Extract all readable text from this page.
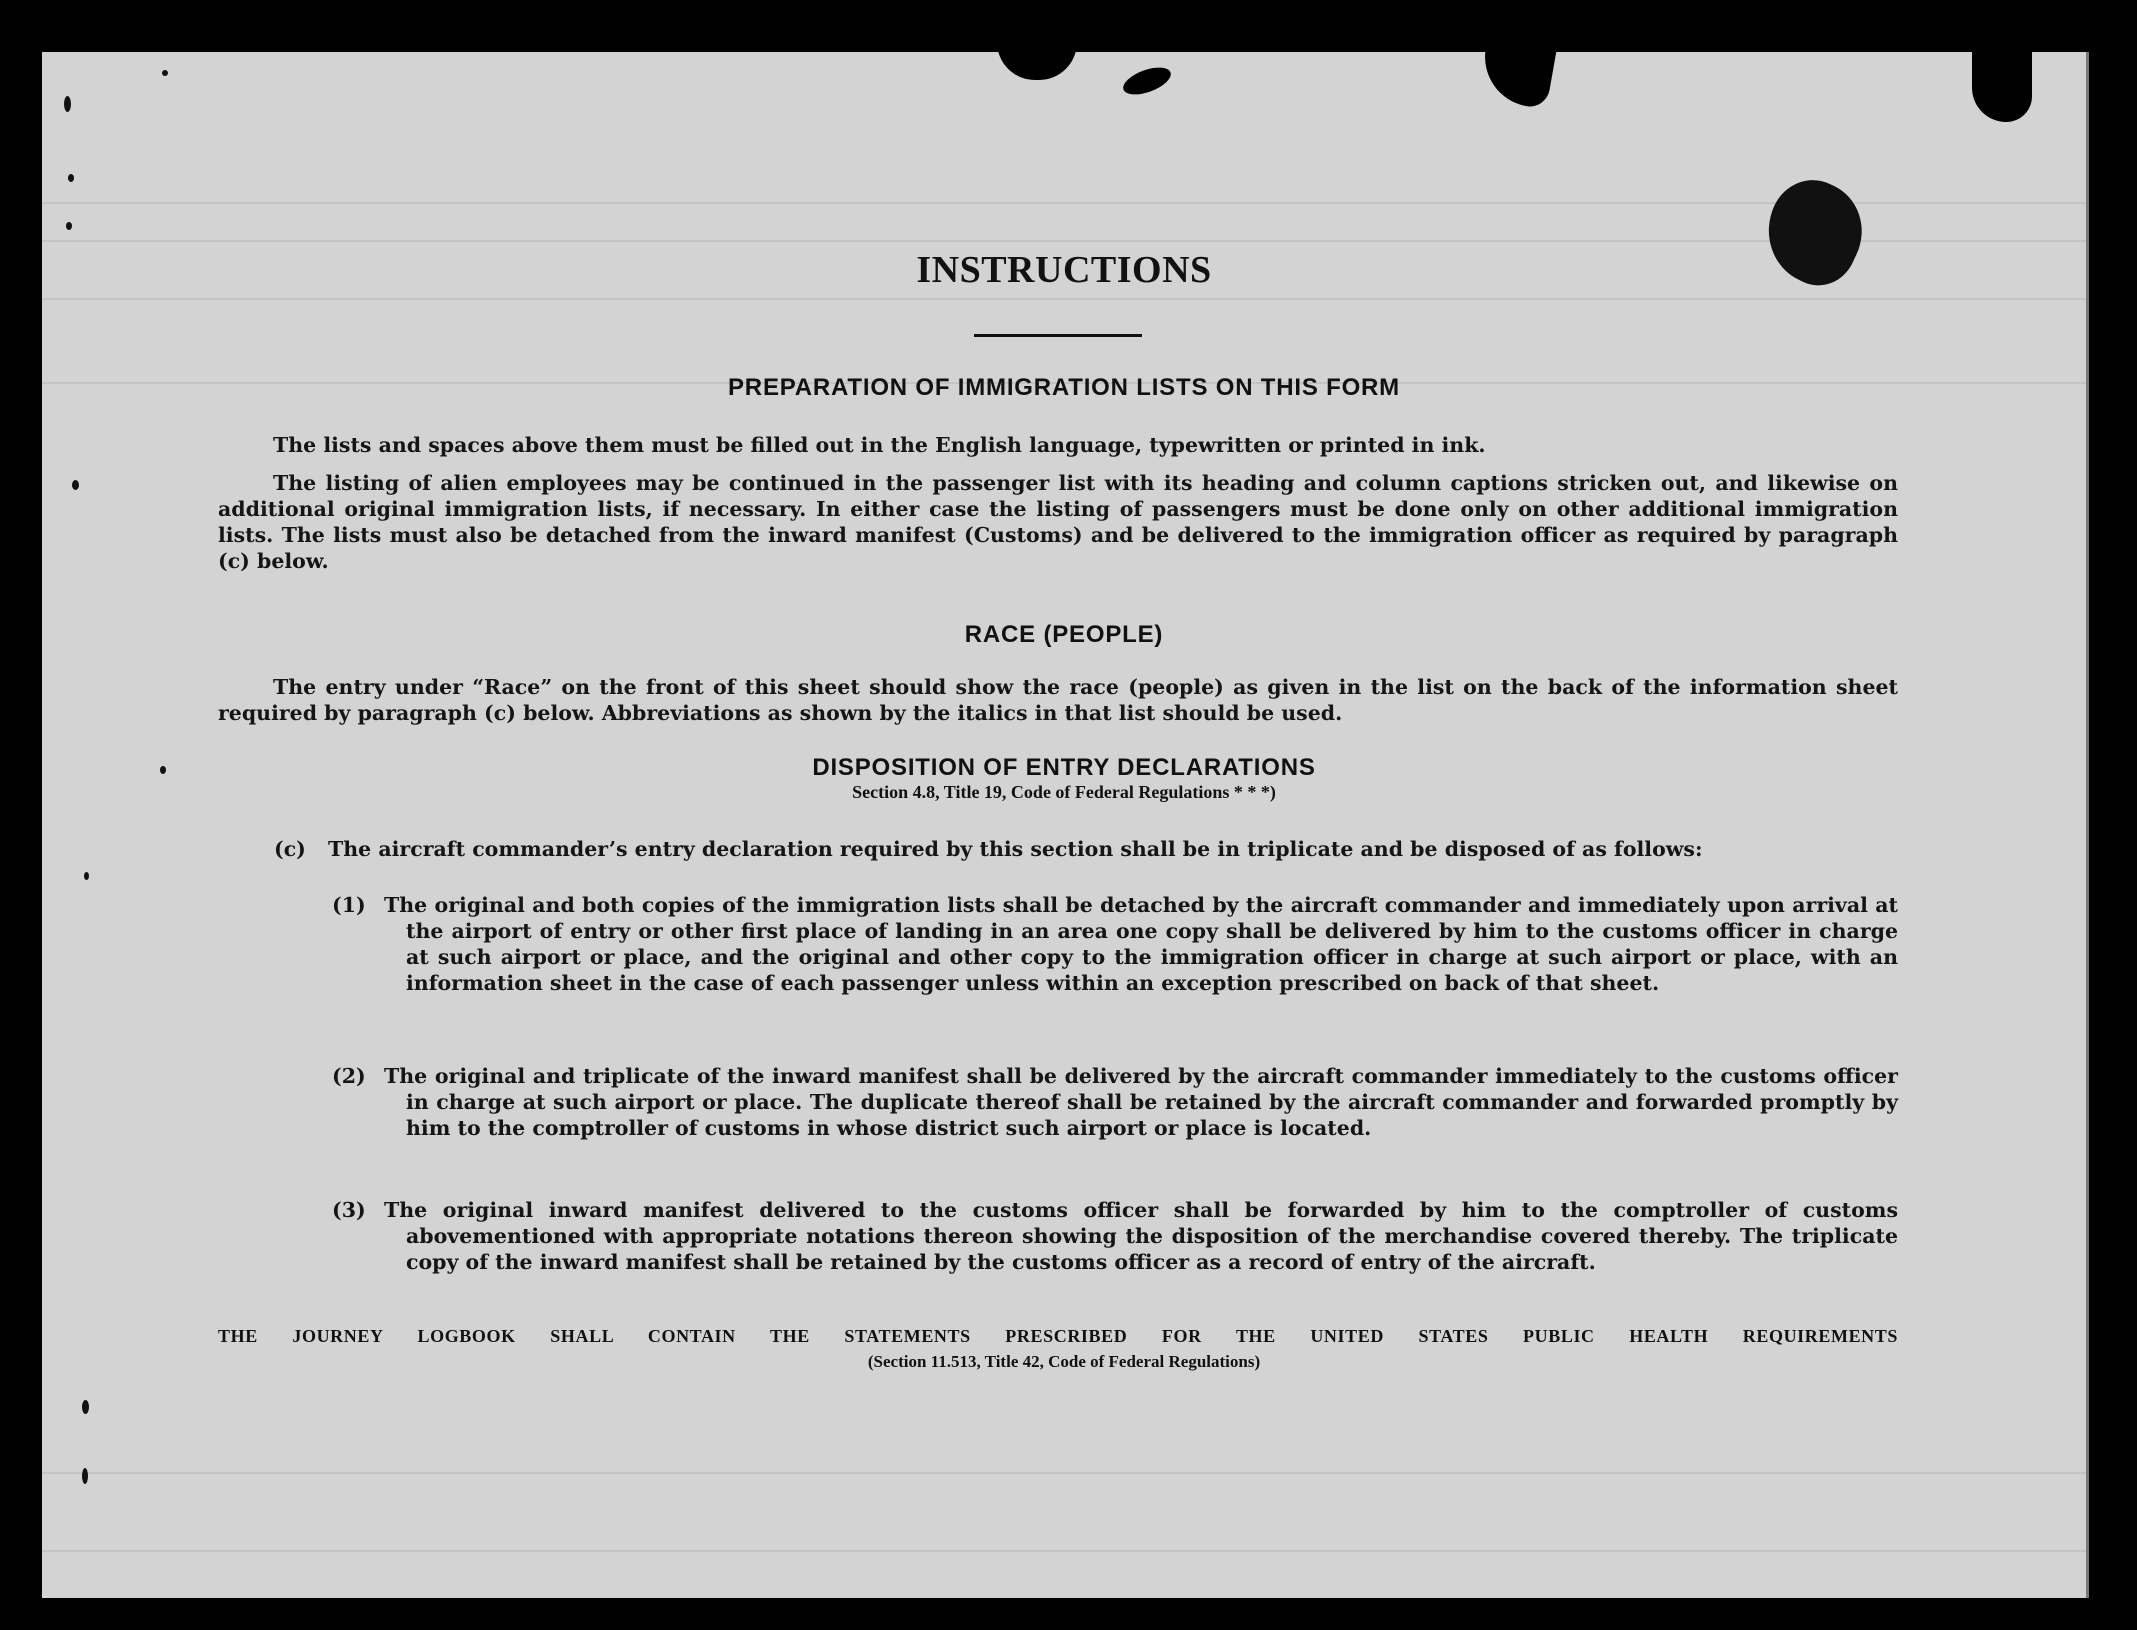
INSTRUCTIONS
PREPARATION OF IMMIGRATION LISTS ON THIS FORM
The lists and spaces above them must be filled out in the English language, typewritten or printed in ink.
The listing of alien employees may be continued in the passenger list with its heading and column captions stricken out, and likewise on additional original immigration lists, if necessary. In either case the listing of passengers must be done only on other additional immigration lists. The lists must also be detached from the inward manifest (Customs) and be delivered to the immigration officer as required by paragraph (c) below.
RACE (PEOPLE)
The entry under “Race” on the front of this sheet should show the race (people) as given in the list on the back of the information sheet required by paragraph (c) below. Abbreviations as shown by the italics in that list should be used.
DISPOSITION OF ENTRY DECLARATIONS
Section 4.8, Title 19, Code of Federal Regulations * * *)
(c) The aircraft commander’s entry declaration required by this section shall be in triplicate and be disposed of as follows:
(1) The original and both copies of the immigration lists shall be detached by the aircraft commander and immediately upon arrival at the airport of entry or other first place of landing in an area one copy shall be delivered by him to the customs officer in charge at such airport or place, and the original and other copy to the immigration officer in charge at such airport or place, with an information sheet in the case of each passenger unless within an exception prescribed on back of that sheet.
(2) The original and triplicate of the inward manifest shall be delivered by the aircraft commander immediately to the customs officer in charge at such airport or place. The duplicate thereof shall be retained by the aircraft commander and forwarded promptly by him to the comptroller of customs in whose district such airport or place is located.
(3) The original inward manifest delivered to the customs officer shall be forwarded by him to the comptroller of customs abovementioned with appropriate notations thereon showing the disposition of the merchandise covered thereby. The triplicate copy of the inward manifest shall be retained by the customs officer as a record of entry of the aircraft.
THE JOURNEY LOGBOOK SHALL CONTAIN THE STATEMENTS PRESCRIBED FOR THE UNITED STATES PUBLIC HEALTH REQUIREMENTS
(Section 11.513, Title 42, Code of Federal Regulations)
